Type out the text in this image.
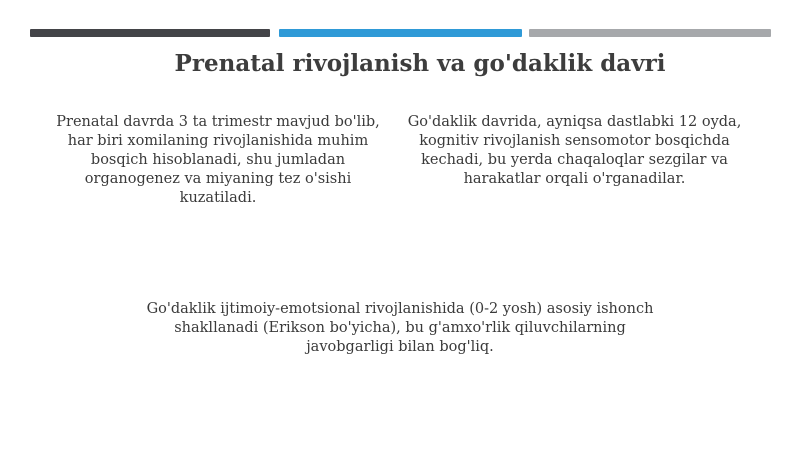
Prenatal rivojlanish va go'daklik davri
Prenatal davrda 3 ta trimestr mavjud bo'lib, har biri xomilaning rivojlanishida muhim bosqich hisoblanadi, shu jumladan organogenez va miyaning tez o'sishi kuzatiladi.
Go'daklik davrida, ayniqsa dastlabki 12 oyda, kognitiv rivojlanish sensomotor bosqichda kechadi, bu yerda chaqaloqlar sezgilar va harakatlar orqali o'rganadilar.
Go'daklik ijtimoiy-emotsional rivojlanishida (0-2 yosh) asosiy ishonch shakllanadi (Erikson bo'yicha), bu g'amxo'rlik qiluvchilarning javobgarligi bilan bog'liq.
